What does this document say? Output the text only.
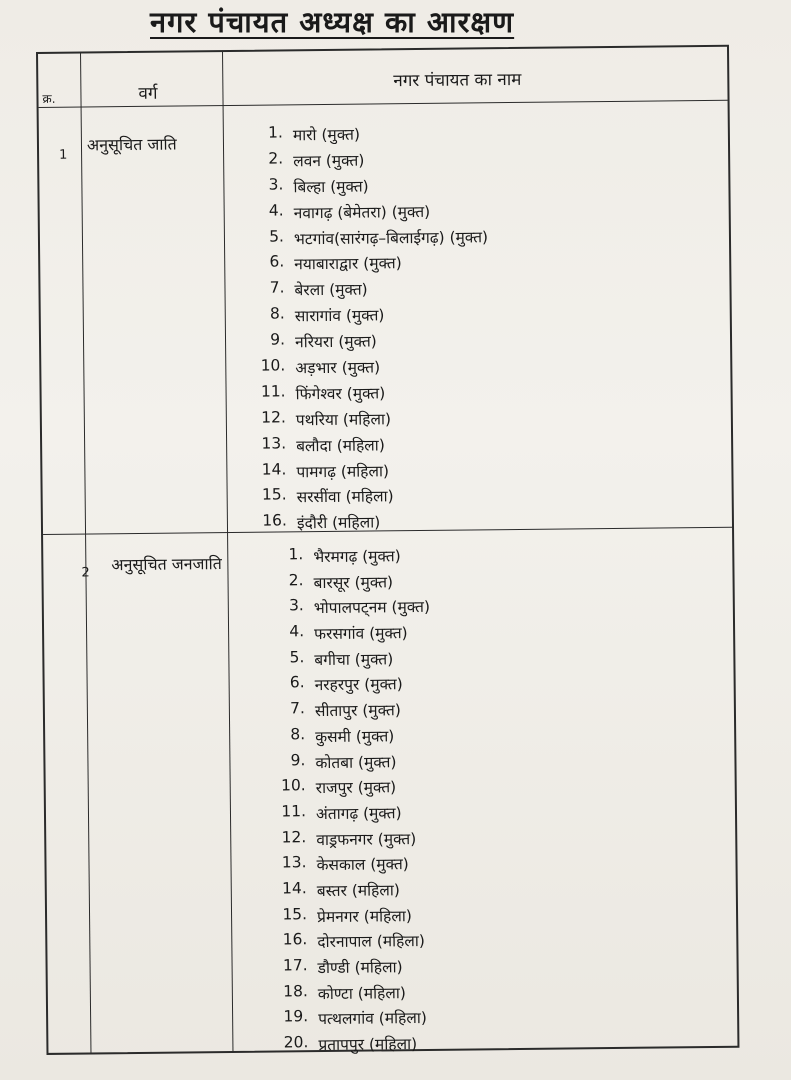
नगर पंचायत अध्यक्ष का आरक्षण
क्र.	वर्ग
नगर पंचायत का नाम
1
अनुसूचित जाति
1. मारो (मुक्त)
2. लवन (मुक्त)
3. बिल्हा (मुक्त)
4. नवागढ़ (बेमेतरा) (मुक्त)
5. भटगांव(सारंगढ़–बिलाईगढ़) (मुक्त)
6. नयाबाराद्वार (मुक्त)
7. बेरला (मुक्त)
8. सारागांव (मुक्त)
9. नरियरा (मुक्त)
10. अड़भार (मुक्त)
11. फिंगेश्वर (मुक्त)
12. पथरिया (महिला)
13. बलौदा (महिला)
14. पामगढ़ (महिला)
15. सरसींवा (महिला)
16. इंदौरी (महिला)
2 अनुसूचित जनजाति	1. भैरमगढ़ (मुक्त)
2. बारसूर (मुक्त)
3. भोपालपट्नम (मुक्त)
4. फरसगांव (मुक्त)
5. बगीचा (मुक्त)
6. नरहरपुर (मुक्त)
7. सीतापुर (मुक्त)
8. कुसमी (मुक्त)
9. कोतबा (मुक्त)
10. राजपुर (मुक्त)
11. अंतागढ़ (मुक्त)
12. वाड्रफनगर (मुक्त)
13. केसकाल (मुक्त)
14. बस्तर (महिला)
15. प्रेमनगर (महिला)
16. दोरनापाल (महिला)
17. डौण्डी (महिला)
18. कोण्टा (महिला)
19. पत्थलगांव (महिला)
20. प्रतापपुर (महिला)
